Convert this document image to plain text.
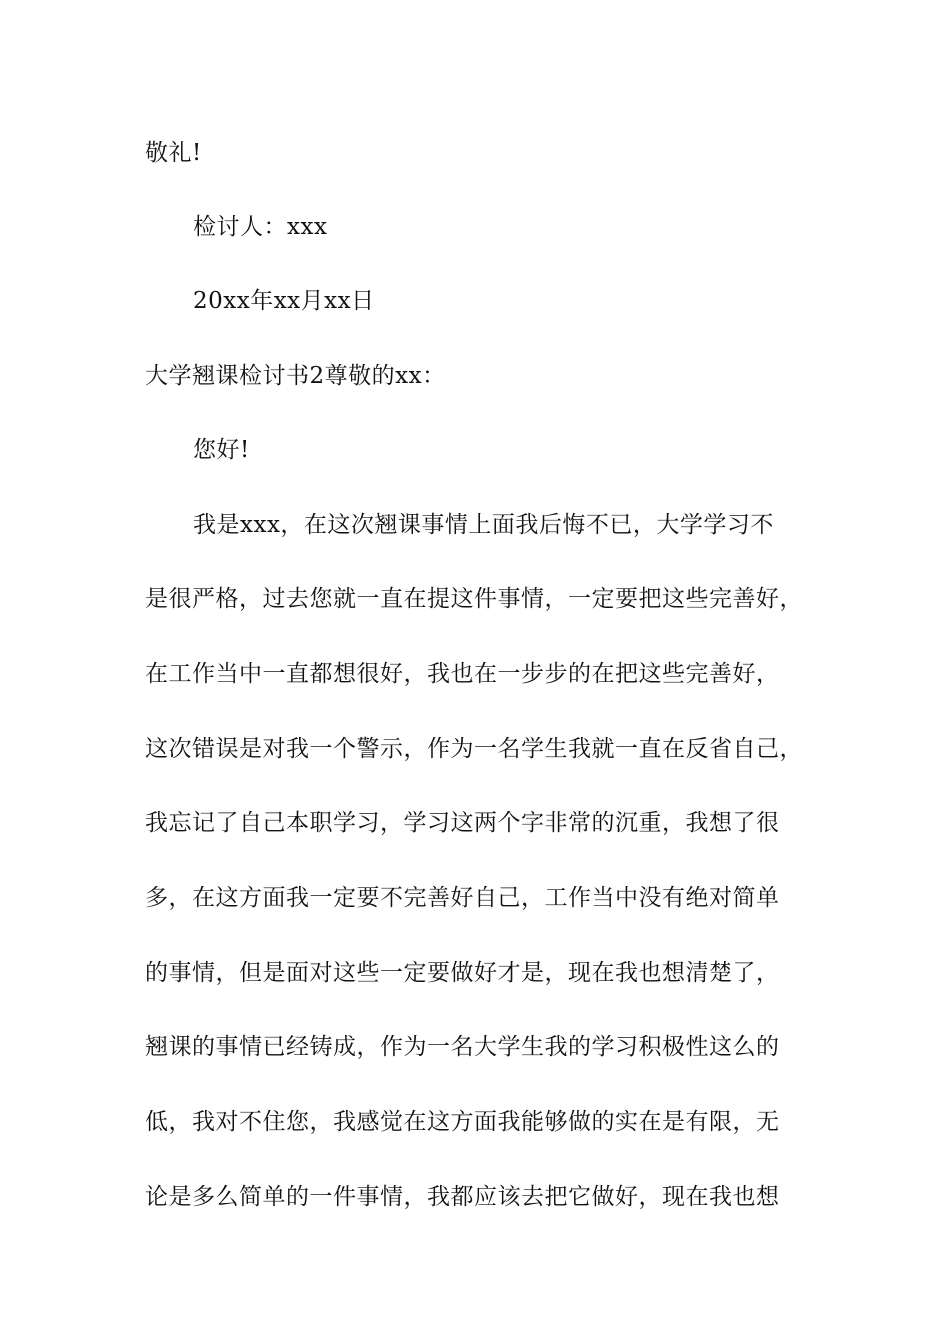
敬礼!
检讨人：xxx
20xx年xx月xx日
大学翘课检讨书2尊敬的xx：
您好!
我是xxx，在这次翘课事情上面我后悔不已，大学学习不
是很严格，过去您就一直在提这件事情，一定要把这些完善好，
在工作当中一直都想很好，我也在一步步的在把这些完善好，
这次错误是对我一个警示，作为一名学生我就一直在反省自己，
我忘记了自己本职学习，学习这两个字非常的沉重，我想了很
多，在这方面我一定要不完善好自己，工作当中没有绝对简单
的事情，但是面对这些一定要做好才是，现在我也想清楚了，
翘课的事情已经铸成，作为一名大学生我的学习积极性这么的
低，我对不住您，我感觉在这方面我能够做的实在是有限，无
论是多么简单的一件事情，我都应该去把它做好，现在我也想
